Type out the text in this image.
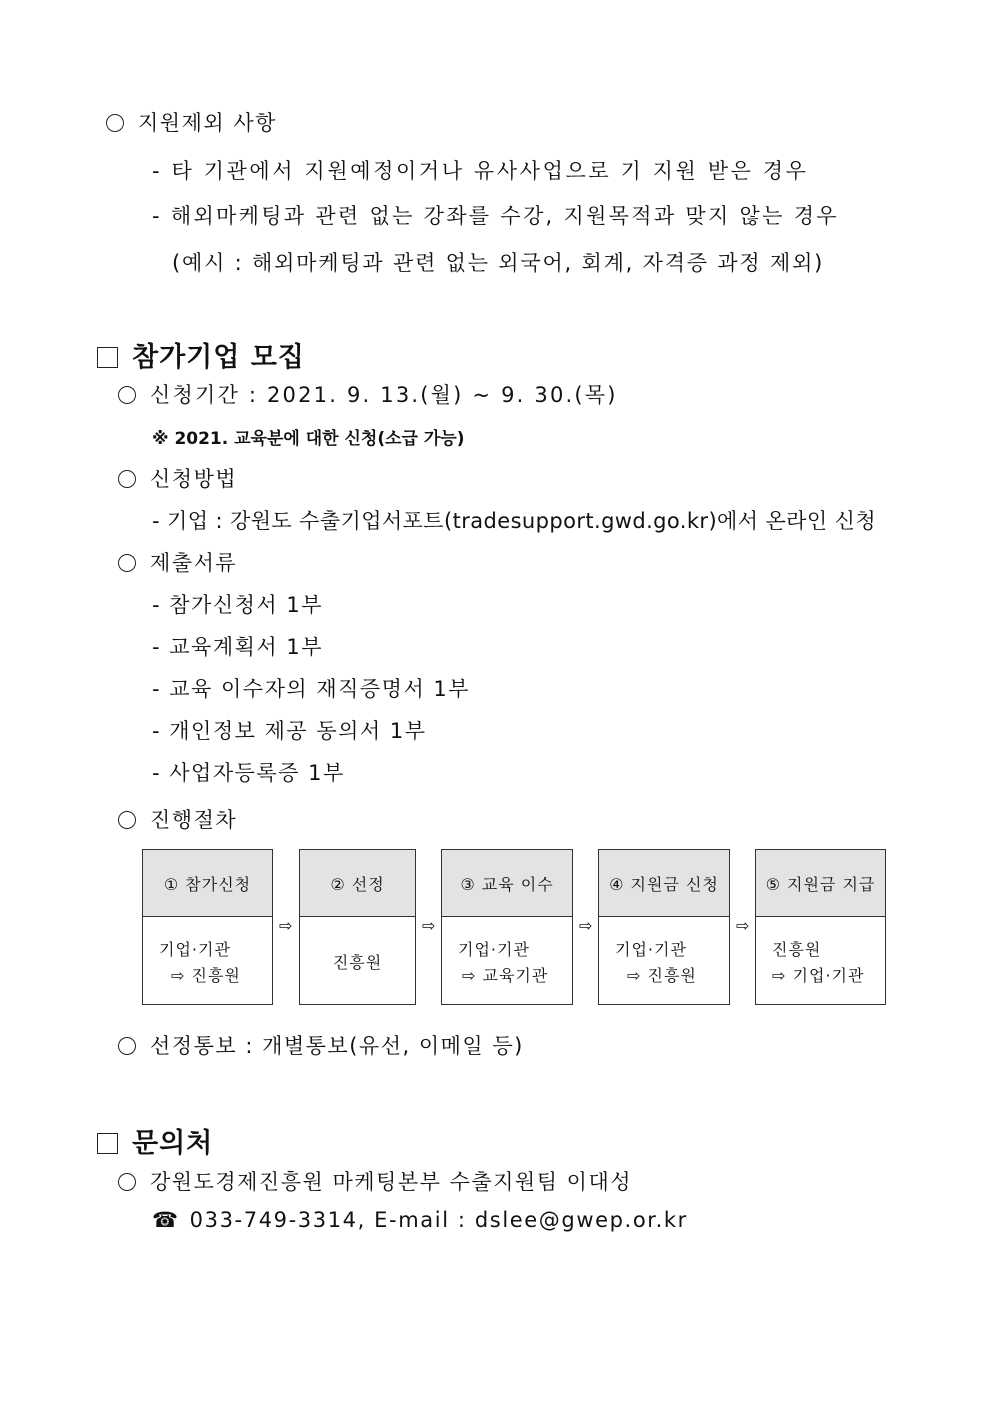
지원제외 사항
- 타 기관에서 지원예정이거나 유사사업으로 기 지원 받은 경우
- 해외마케팅과 관련 없는 강좌를 수강, 지원목적과 맞지 않는 경우
(예시 : 해외마케팅과 관련 없는 외국어, 회계, 자격증 과정 제외)
참가기업 모집
신청기간 : 2021. 9. 13.(월) ~ 9. 30.(목)
※ 2021. 교육분에 대한 신청(소급 가능)
신청방법
- 기업 : 강원도 수출기업서포트(tradesupport.gwd.go.kr)에서 온라인 신청
제출서류
- 참가신청서 1부
- 교육계획서 1부
- 교육 이수자의 재직증명서 1부
- 개인정보 제공 동의서 1부
- 사업자등록증 1부
진행절차
① 참가신청
기업·기관
⇨ 진흥원
⇨
② 선정
진흥원
⇨
③ 교육 이수
기업·기관
⇨ 교육기관
⇨
④ 지원금 신청
기업·기관
⇨ 진흥원
⇨
⑤ 지원금 지급
진흥원
⇨ 기업·기관
선정통보 : 개별통보(유선, 이메일 등)
문의처
강원도경제진흥원 마케팅본부 수출지원팀 이대성
☎ 033-749-3314, E-mail : dslee@gwep.or.kr
